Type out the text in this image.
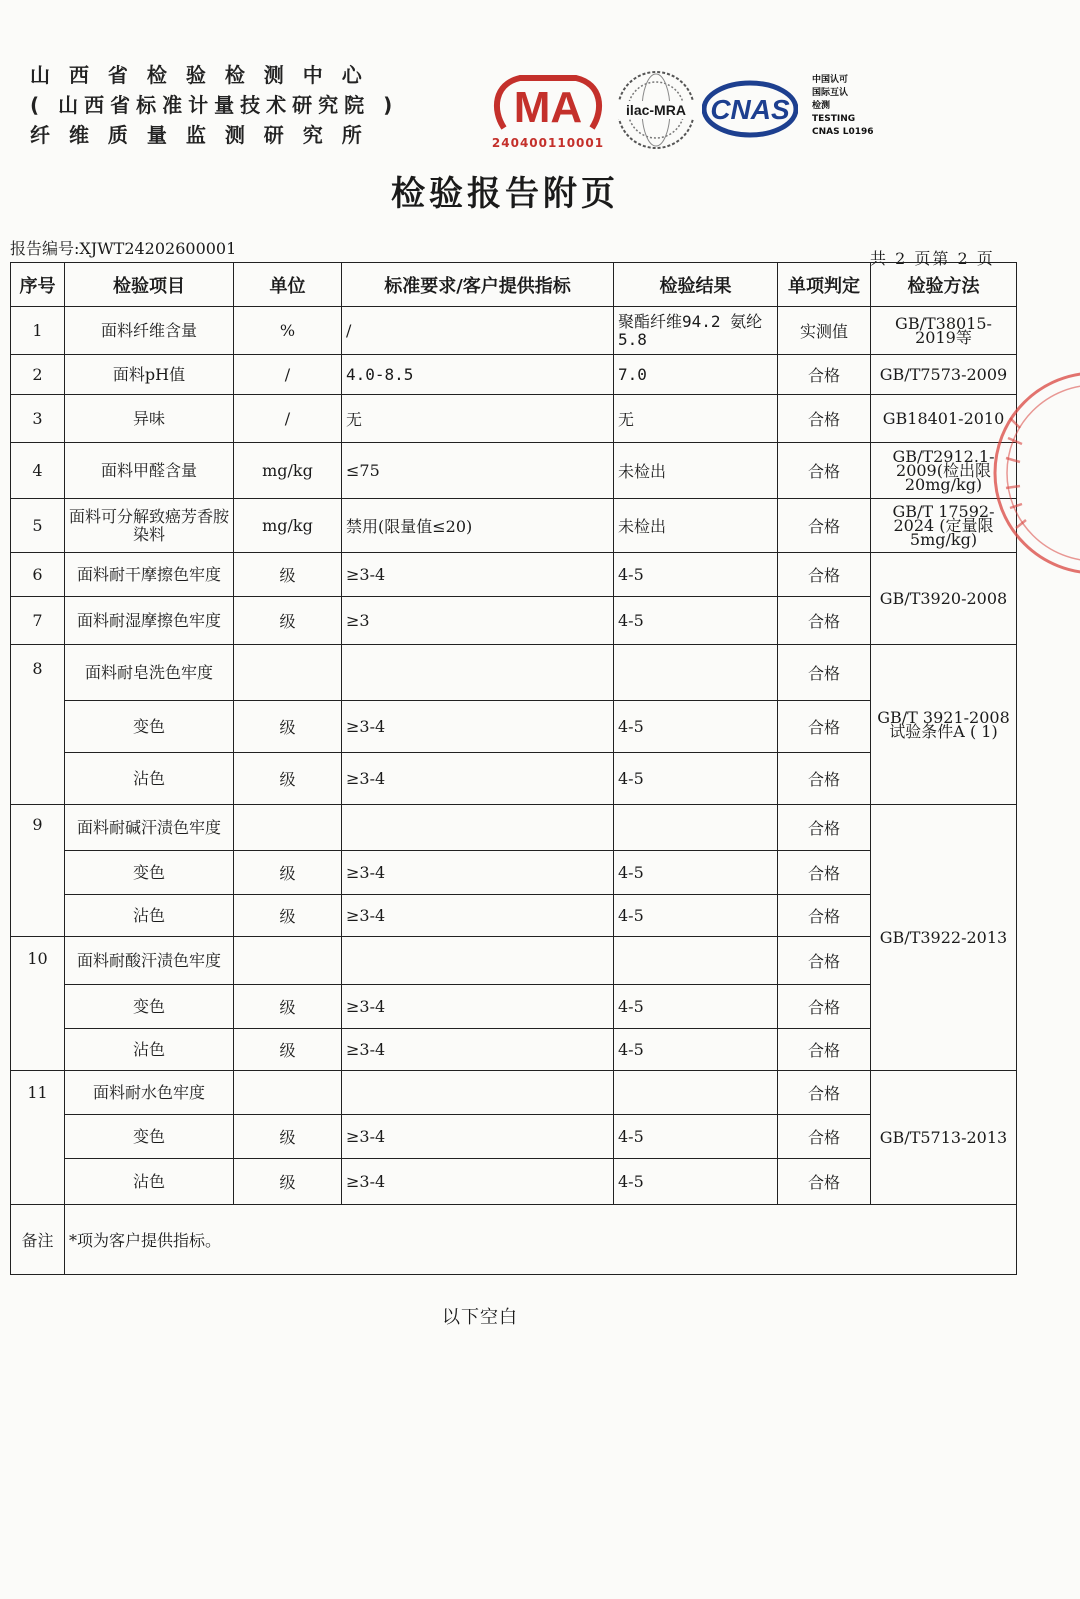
山 西 省 检 验 检 测 中 心
( 山西省标准计量技术研究院 )
纤 维 质 量 监 测 研 究 所
MA
240400110001
ilac-MRA CNAS
中国认可
国际互认
检测
TESTING
CNAS L0196
检验报告附页
报告编号:XJWT24202600001
共 2 页第 2 页
序号	检验项目	单位	标准要求/客户提供指标	检验结果	单项判定	检验方法
1	面料纤维含量	%	/	聚酯纤维94.2 氨纶5.8	实测值	GB/T38015-2019等
2	面料pH值	/	4.0-8.5	7.0	合格	GB/T7573-2009
3	异味	/	无	无	合格	GB18401-2010
4	面料甲醛含量	mg/kg	≤75	未检出	合格	GB/T2912.1-2009(检出限20mg/kg)
5	面料可分解致癌芳香胺染料	mg/kg	禁用(限量值≤20)	未检出	合格	GB/T 17592-2024 (定量限5mg/kg)
6	面料耐干摩擦色牢度	级	≥3-4	4-5	合格	GB/T3920-2008
7	面料耐湿摩擦色牢度	级	≥3	4-5	合格	
8	面料耐皂洗色牢度				合格	GB/T 3921-2008试验条件A ( 1)
	变色	级	≥3-4	4-5	合格	
	沾色	级	≥3-4	4-5	合格	
9	面料耐碱汗渍色牢度				合格	GB/T3922-2013
	变色	级	≥3-4	4-5	合格	
	沾色	级	≥3-4	4-5	合格	
10	面料耐酸汗渍色牢度				合格	
	变色	级	≥3-4	4-5	合格	
	沾色	级	≥3-4	4-5	合格	
11	面料耐水色牢度				合格	GB/T5713-2013
	变色	级	≥3-4	4-5	合格	
	沾色	级	≥3-4	4-5	合格	
备注	*项为客户提供指标。					
以下空白
